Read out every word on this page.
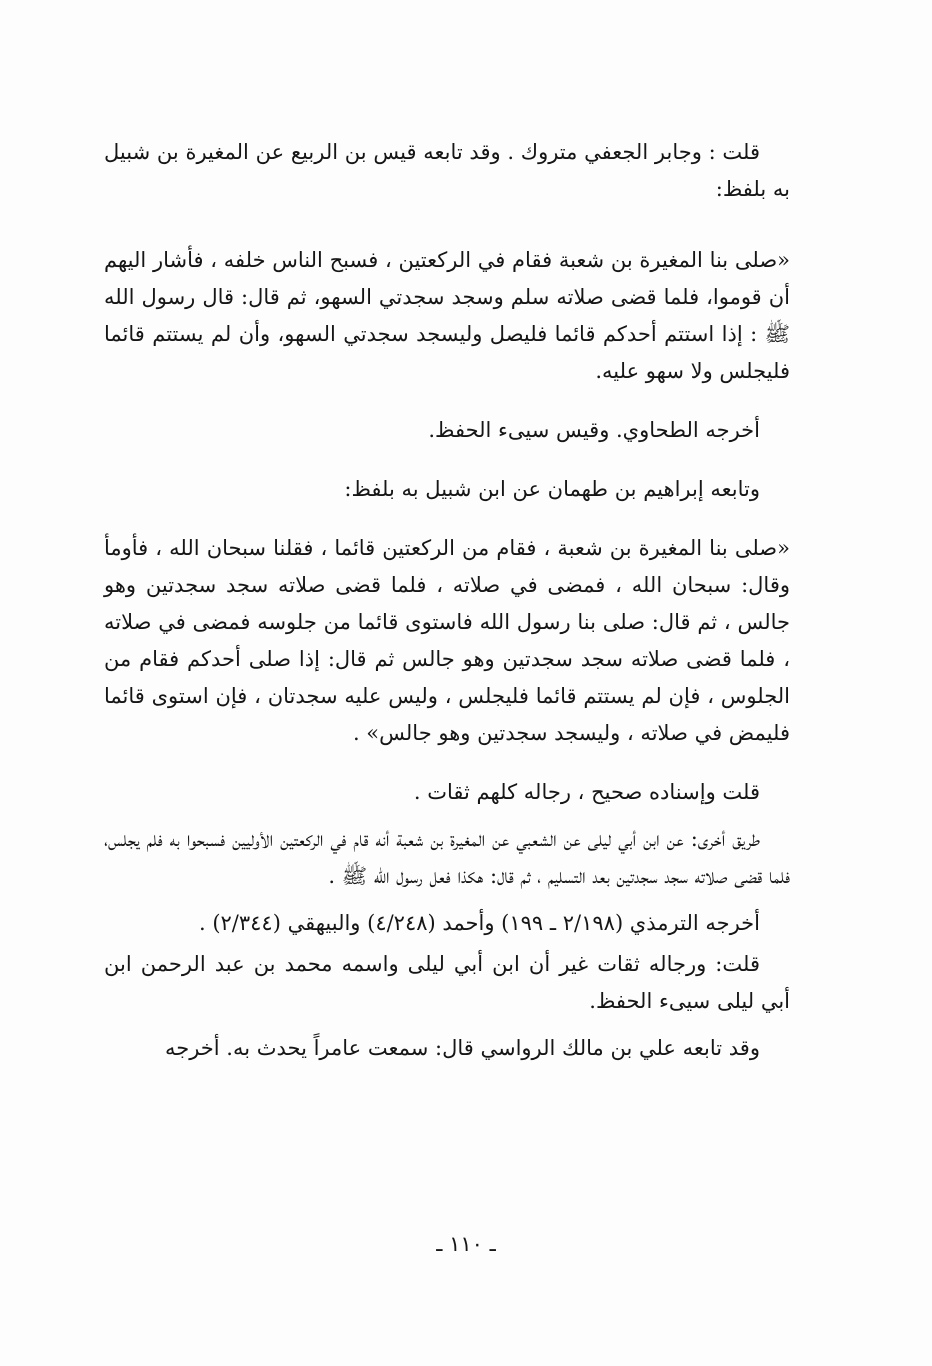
قلت : وجابر الجعفي متروك . وقد تابعه قيس بن الربيع عن المغيرة بن شبيل به بلفظ:

«صلى بنا المغيرة بن شعبة فقام في الركعتين ، فسبح الناس خلفه ، فأشار اليهم أن قوموا، فلما قضى صلاته سلم وسجد سجدتي السهو، ثم قال: قال رسول الله ﷺ : إذا استتم أحدكم قائما فليصل وليسجد سجدتي السهو، وأن لم يستتم قائما فليجلس ولا سهو عليه.

أخرجه الطحاوي. وقيس سيىء الحفظ.

وتابعه إبراهيم بن طهمان عن ابن شبيل به بلفظ:

«صلى بنا المغيرة بن شعبة ، فقام من الركعتين قائما ، فقلنا سبحان الله ، فأومأ وقال: سبحان الله ، فمضى في صلاته ، فلما قضى صلاته سجد سجدتين وهو جالس ، ثم قال: صلى بنا رسول الله فاستوى قائما من جلوسه فمضى في صلاته ، فلما قضى صلاته سجد سجدتين وهو جالس ثم قال: إذا صلى أحدكم فقام من الجلوس ، فإن لم يستتم قائما فليجلس ، وليس عليه سجدتان ، فإن استوى قائما فليمض في صلاته ، وليسجد سجدتين وهو جالس» .

قلت وإسناده صحيح ، رجاله كلهم ثقات .

طريق أخرى: عن ابن أبي ليلى عن الشعبي عن المغيرة بن شعبة أنه قام في الركعتين الأوليين فسبحوا به فلم يجلس، فلما قضى صلاته سجد سجدتين بعد التسليم ، ثم قال: هكذا فعل رسول الله ﷺ .

أخرجه الترمذي (٢/١٩٨ ـ ١٩٩) وأحمد (٤/٢٤٨) والبيهقي (٢/٣٤٤) .

قلت: ورجاله ثقات غير أن ابن أبي ليلى واسمه محمد بن عبد الرحمن ابن أبي ليلى سيىء الحفظ.

وقد تابعه علي بن مالك الرواسي قال: سمعت عامراً يحدث به. أخرجه

ـ ١١٠ ـ
